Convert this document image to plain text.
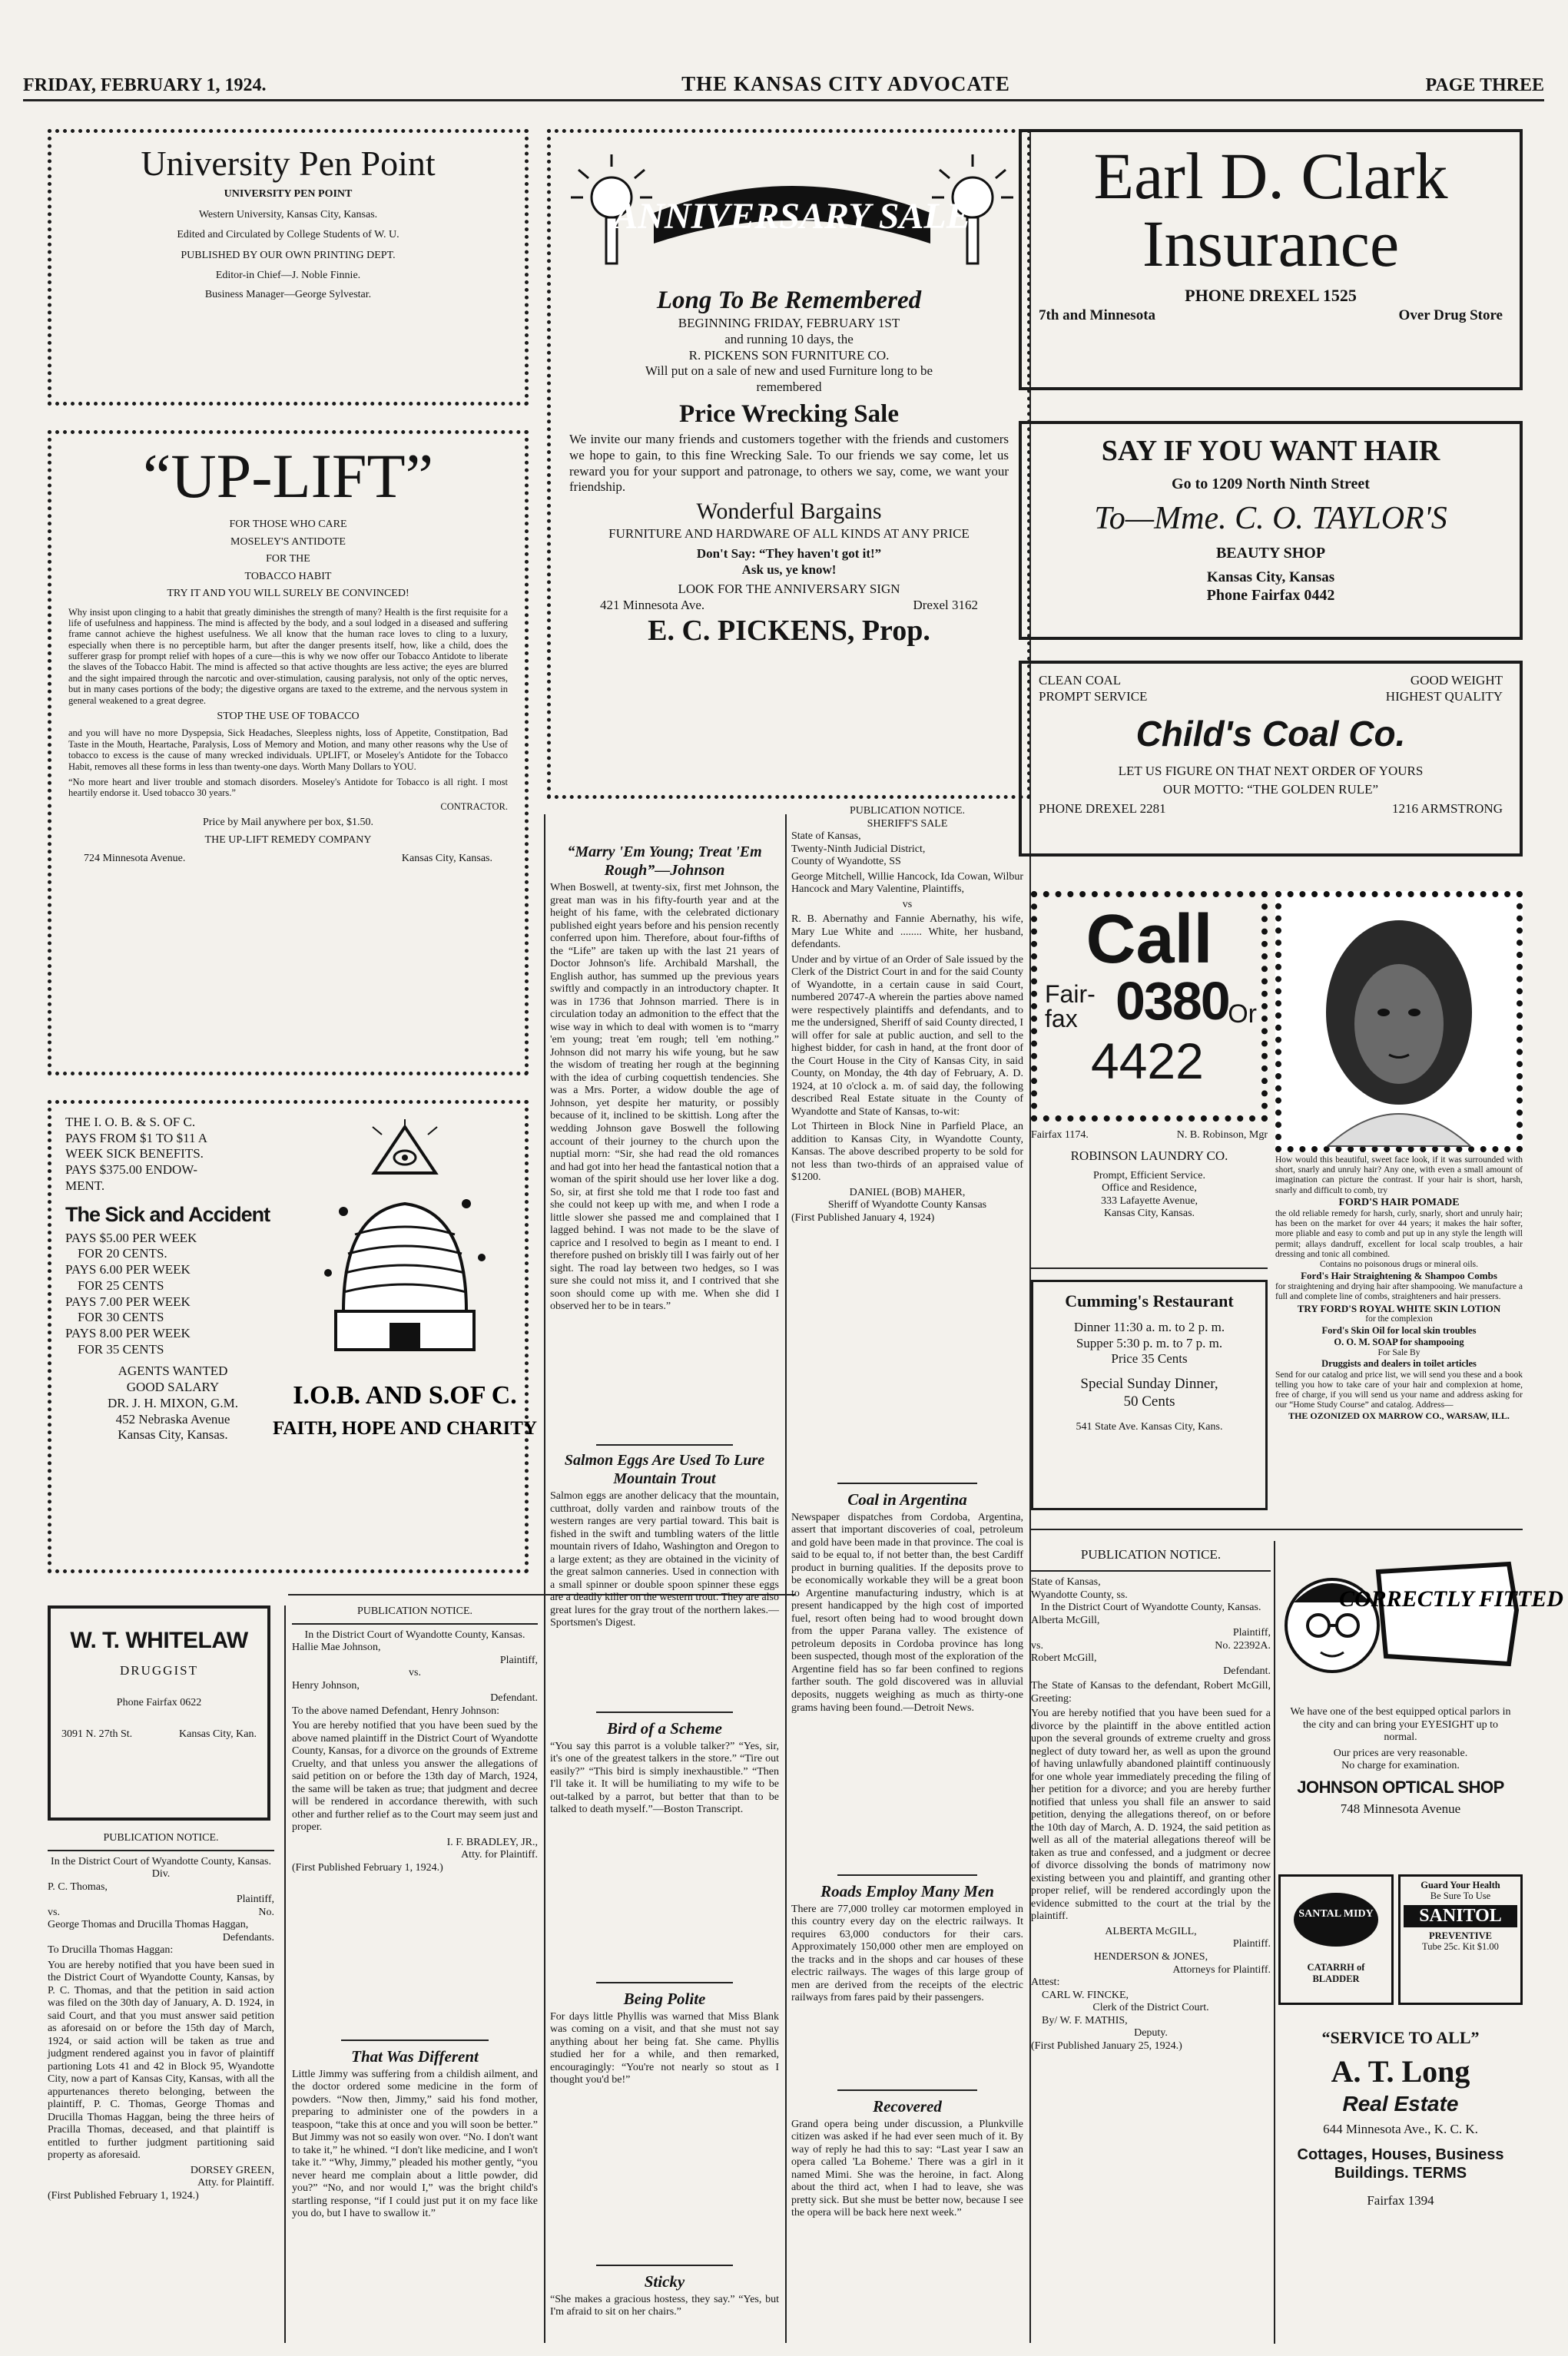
FRIDAY, FEBRUARY 1, 1924.	THE KANSAS CITY ADVOCATE	PAGE THREE
University Pen Point
UNIVERSITY PEN POINT
Western University, Kansas City, Kansas.
Edited and Circulated by College Students of W. U.
PUBLISHED BY OUR OWN PRINTING DEPT.
Editor-in Chief—J. Noble Finnie.
Business Manager—George Sylvestar.
“UP-LIFT”
FOR THOSE WHO CARE
MOSELEY'S ANTIDOTE
FOR THE
TOBACCO HABIT
TRY IT AND YOU WILL SURELY BE CONVINCED!

Why insist upon clinging to a habit that greatly diminishes the strength of many? Health is the first requisite for a life of usefulness and happiness. The mind is affected by the body, and a soul lodged in a diseased and suffering frame cannot achieve the highest usefulness. We all know that the human race loves to cling to a luxury, especially when there is no perceptible harm, but after the danger presents itself, how, like a child, does the sufferer grasp for prompt relief with hopes of a cure—this is why we now offer our Tobacco Antidote to liberate the slaves of the Tobacco Habit. The mind is affected so that active thoughts are less active; the eyes are blurred and the sight impaired through the narcotic and over-stimulation, causing paralysis, not only of the optic nerves, but in many cases portions of the body; the digestive organs are taxed to the extreme, and the nervous system in general weakened to a great degree.

STOP THE USE OF TOBACCO

and you will have no more Dyspepsia, Sick Headaches, Sleepless nights, loss of Appetite, Constitpation, Bad Taste in the Mouth, Heartache, Paralysis, Loss of Memory and Motion, and many other reasons why the Use of tobacco to excess is the cause of many wrecked individuals. UPLIFT, or Moseley's Antidote for the Tobacco Habit, removes all these forms in less than twenty-one days. Worth Many Dollars to YOU.

“No more heart and liver trouble and stomach disorders. Moseley's Antidote for Tobacco is all right. I most heartily endorse it. Used tobacco 30 years.”

CONTRACTOR.
Price by Mail anywhere per box, $1.50.
THE UP-LIFT REMEDY COMPANY
724 Minnesota Avenue.	Kansas City, Kansas.
THE I. O. B. & S. OF C.
PAYS FROM $1 TO $11 A
WEEK SICK BENEFITS.
PAYS $375.00 ENDOW-
MENT.
The Sick and Accident
PAYS $5.00 PER WEEK
FOR 20 CENTS.
PAYS 6.00 PER WEEK
FOR 25 CENTS
PAYS 7.00 PER WEEK
FOR 30 CENTS
PAYS 8.00 PER WEEK
FOR 35 CENTS
AGENTS WANTED
GOOD SALARY
DR. J. H. MIXON, G.M.
452 Nebraska Avenue
Kansas City, Kansas.
I.O.B. AND S.OF C.
FAITH, HOPE AND CHARITY
W. T. WHITELAW
DRUGGIST
Phone Fairfax 0622
3091 N. 27th St.	Kansas City, Kan.
PUBLICATION NOTICE.
In the District Court of Wyandotte County, Kansas.
Div.
P. C. Thomas,
Plaintiff,
vs.	No.
George Thomas and Drucilla Thomas Haggan,
Defendants.
To Drucilla Thomas Haggan:

You are hereby notified that you have been sued in the District Court of Wyandotte County, Kansas, by P. C. Thomas, and that the petition in said action was filed on the 30th day of January, A. D. 1924, in said Court, and that you must answer said petition as aforesaid on or before the 15th day of March, 1924, or said action will be taken as true and judgment rendered against you in favor of plaintiff partioning Lots 41 and 42 in Block 95, Wyandotte City, now a part of Kansas City, Kansas, with all the appurtenances thereto belonging, between the plaintiff, P. C. Thomas, George Thomas and Drucilla Thomas Haggan, being the three heirs of Pracilla Thomas, deceased, and that plaintiff is entitled to further judgment partitioning said property as aforesaid.

DORSEY GREEN,
Atty. for Plaintiff.
(First Published February 1, 1924.)
ANNIVERSARY SALE
Long To Be Remembered
BEGINNING FRIDAY, FEBRUARY 1ST
and running 10 days, the
R. PICKENS SON FURNITURE CO.
Will put on a sale of new and used Furniture long to be remembered
Price Wrecking Sale

We invite our many friends and customers together with the friends and customers we hope to gain, to this fine Wrecking Sale. To our friends we say come, let us reward you for your support and patronage, to others we say, come, we want your friendship.

Wonderful Bargains
FURNITURE AND HARDWARE OF ALL KINDS AT ANY PRICE
Don't Say: “They haven't got it!”
Ask us, ye know!
LOOK FOR THE ANNIVERSARY SIGN
421 Minnesota Ave.	Drexel 3162
E. C. PICKENS, Prop.
PUBLICATION NOTICE.
In the District Court of Wyandotte County, Kansas.
Hallie Mae Johnson,
Plaintiff,
vs.
Henry Johnson,
Defendant.
To the above named Defendant, Henry Johnson:

You are hereby notified that you have been sued by the above named plaintiff in the District Court of Wyandotte County, Kansas, for a divorce on the grounds of Extreme Cruelty, and that unless you answer the allegations of said petition on or before the 13th day of March, 1924, the same will be taken as true; that judgment and decree will be rendered in accordance therewith, with such other and further relief as to the Court may seem just and proper.

I. F. BRADLEY, JR.,
Atty. for Plaintiff.
(First Published February 1, 1924.)
That Was Different

Little Jimmy was suffering from a childish ailment, and the doctor ordered some medicine in the form of powders. “Now then, Jimmy,” said his fond mother, preparing to administer one of the powders in a teaspoon, “take this at once and you will soon be better.” But Jimmy was not so easily won over. “No. I don't want to take it,” he whined. “I don't like medicine, and I won't take it.” “Why, Jimmy,” pleaded his mother gently, “you never heard me complain about a little powder, did you?” “No, and nor would I,” was the bright child's startling response, “if I could just put it on my face like you do, but I have to swallow it.”

“Marry 'Em Young; Treat 'Em Rough”—Johnson

When Boswell, at twenty-six, first met Johnson, the great man was in his fifty-fourth year and at the height of his fame, with the celebrated dictionary published eight years before and his pension recently conferred upon him. Therefore, about four-fifths of the “Life” are taken up with the last 21 years of Doctor Johnson's life. Archibald Marshall, the English author, has summed up the previous years swiftly and compactly in an introductory chapter. It was in 1736 that Johnson married. There is in circulation today an admonition to the effect that the wise way in which to deal with women is to “marry 'em young; treat 'em rough; tell 'em nothing.” Johnson did not marry his wife young, but he saw the wisdom of treating her rough at the beginning with the idea of curbing coquettish tendencies. She was a Mrs. Porter, a widow double the age of Johnson, yet despite her maturity, or possibly because of it, inclined to be skittish. Long after the wedding Johnson gave Boswell the following account of their journey to the church upon the nuptial morn: “Sir, she had read the old romances and had got into her head the fantastical notion that a woman of the spirit should use her lover like a dog. So, sir, at first she told me that I rode too fast and she could not keep up with me, and when I rode a little slower she passed me and complained that I lagged behind. I was not made to be the slave of caprice and I resolved to begin as I meant to end. I therefore pushed on briskly till I was fairly out of her sight. The road lay between two hedges, so I was sure she could not miss it, and I contrived that she soon should come up with me. When she did I observed her to be in tears.”

Salmon Eggs Are Used To Lure Mountain Trout

Salmon eggs are another delicacy that the mountain, cutthroat, dolly varden and rainbow trouts of the western ranges are very partial toward. This bait is fished in the swift and tumbling waters of the little mountain rivers of Idaho, Washington and Oregon to a large extent; as they are obtained in the vicinity of the great salmon canneries. Used in connection with a small spinner or double spoon spinner these eggs are a deadly killer on the western trout. They are also great lures for the gray trout of the northern lakes.—Sportsmen's Digest.

Bird of a Scheme

“You say this parrot is a voluble talker?” “Yes, sir, it's one of the greatest talkers in the store.” “Tire out easily?” “This bird is simply inexhaustible.” “Then I'll take it. It will be humiliating to my wife to be out-talked by a parrot, but better that than to be talked to death myself.”—Boston Transcript.

Being Polite

For days little Phyllis was warned that Miss Blank was coming on a visit, and that she must not say anything about her being fat. She came. Phyllis studied her for a while, and then remarked, encouragingly: “You're not nearly so stout as I thought you'd be!”

Sticky

“She makes a gracious hostess, they say.” “Yes, but I'm afraid to sit on her chairs.”

PUBLICATION NOTICE.
SHERIFF'S SALE
State of Kansas,
Twenty-Ninth Judicial District,
County of Wyandotte, SS

George Mitchell, Willie Hancock, Ida Cowan, Wilbur Hancock and Mary Valentine, Plaintiffs,

vs

R. B. Abernathy and Fannie Abernathy, his wife, Mary Lue White and ........ White, her husband, defendants.

Under and by virtue of an Order of Sale issued by the Clerk of the District Court in and for the said County of Wyandotte, in a certain cause in said Court, numbered 20747-A wherein the parties above named were respectively plaintiffs and defendants, and to me the undersigned, Sheriff of said County directed, I will offer for sale at public auction, and sell to the highest bidder, for cash in hand, at the front door of the Court House in the City of Kansas City, in said County, on Monday, the 4th day of February, A. D. 1924, at 10 o'clock a. m. of said day, the following described Real Estate situate in the County of Wyandotte and State of Kansas, to-wit:

Lot Thirteen in Block Nine in Parfield Place, an addition to Kansas City, in Wyandotte County, Kansas. The above described property to be sold for not less than two-thirds of an appraised value of $1200.

DANIEL (BOB) MAHER,
Sheriff of Wyandotte County Kansas
(First Published January 4, 1924)
Coal in Argentina

Newspaper dispatches from Cordoba, Argentina, assert that important discoveries of coal, petroleum and gold have been made in that province. The coal is said to be equal to, if not better than, the best Cardiff product in burning qualities. If the deposits prove to be economically workable they will be a great boon to Argentine manufacturing industry, which is at present handicapped by the high cost of imported fuel, resort often being had to wood brought down from the upper Parana valley. The existence of petroleum deposits in Cordoba province has long been suspected, though most of the exploration of the Argentine field has so far been confined to regions farther south. The gold discovered was in alluvial deposits, nuggets weighing as much as thirty-one grams having been found.—Detroit News.

Roads Employ Many Men

There are 77,000 trolley car motormen employed in this country every day on the electric railways. It requires 63,000 conductors for their cars. Approximately 150,000 other men are employed on the tracks and in the shops and car houses of these electric railways. The wages of this large group of men are derived from the receipts of the electric railways from fares paid by their passengers.

Recovered

Grand opera being under discussion, a Plunkville citizen was asked if he had ever seen much of it. By way of reply he had this to say: “Last year I saw an opera called 'La Boheme.' There was a girl in it named Mimi. She was the heroine, in fact. Along about the third act, when I had to leave, she was pretty sick. But she must be better now, because I see the opera will be back here next week.”

Earl D. Clark
Insurance
PHONE DREXEL 1525
7th and Minnesota	Over Drug Store
SAY IF YOU WANT HAIR
Go to 1209 North Ninth Street
To—Mme. C. O. TAYLOR'S
BEAUTY SHOP
Kansas City, Kansas
Phone Fairfax 0442
CLEAN COAL	GOOD WEIGHT
PROMPT SERVICE	HIGHEST QUALITY
Child's Coal Co.
LET US FIGURE ON THAT NEXT ORDER OF YOURS
OUR MOTTO: “THE GOLDEN RULE”
PHONE DREXEL 2281	1216 ARMSTRONG
Call
Fair-
fax 0380
Or
4422
Fairfax 1174.	N. B. Robinson, Mgr
ROBINSON LAUNDRY CO.
Prompt, Efficient Service.
Office and Residence,
333 Lafayette Avenue,
Kansas City, Kansas.
Cumming's Restaurant
Dinner 11:30 a. m. to 2 p. m.
Supper 5:30 p. m. to 7 p. m.
Price 35 Cents
Special Sunday Dinner,
50 Cents
541 State Ave. Kansas City, Kans.
How would this beautiful, sweet face look, if it was surrounded with short, snarly and unruly hair? Any one, with even a small amount of imagination can picture the contrast. If your hair is short, harsh, snarly and difficult to comb, try
FORD'S HAIR POMADE
the old reliable remedy for harsh, curly, snarly, short and unruly hair; has been on the market for over 44 years; it makes the hair softer, more pliable and easy to comb and put up in any style the length will permit; allays dandruff, excellent for local scalp troubles, a hair dressing and tonic all combined.
Contains no poisonous drugs or mineral oils.
Ford's Hair Straightening & Shampoo Combs
for straightening and drying hair after shampooing. We manufacture a full and complete line of combs, straighteners and hair pressers.
TRY FORD'S ROYAL WHITE SKIN LOTION
for the complexion
Ford's Skin Oil for local skin troubles
O. O. M. SOAP for shampooing
For Sale By
Druggists and dealers in toilet articles
Send for our catalog and price list, we will send you these and a book telling you how to take care of your hair and complexion at home, free of charge, if you will send us your name and address asking for our “Home Study Course” and catalog. Address—
THE OZONIZED OX MARROW CO., WARSAW, ILL.
PUBLICATION NOTICE.
State of Kansas,
Wyandotte County, ss.
In the District Court of Wyandotte County, Kansas.
Alberta McGill,
Plaintiff,
vs.	No. 22392A.
Robert McGill,
Defendant.

The State of Kansas to the defendant, Robert McGill, Greeting:

You are hereby notified that you have been sued for a divorce by the plaintiff in the above entitled action upon the several grounds of extreme cruelty and gross neglect of duty toward her, as well as upon the ground of having unlawfully abandoned plaintiff continuously for one whole year immediately preceding the filing of her petition for a divorce; and you are hereby further notified that unless you shall file an answer to said petition, denying the allegations thereof, on or before the 10th day of March, A. D. 1924, the said petition as well as all of the material allegations thereof will be taken as true and confessed, and a judgment or decree of divorce dissolving the bonds of matrimony now existing between you and plaintiff, and granting other proper relief, will be rendered accordingly upon the evidence submitted to the court at the trial by the plaintiff.

ALBERTA McGILL,
Plaintiff.
HENDERSON & JONES,
Attorneys for Plaintiff.
Attest:
CARL W. FINCKE,
Clerk of the District Court.
By/ W. F. MATHIS,
Deputy.
(First Published January 25, 1924.)
CORRECTLY FITTED
We have one of the best equipped optical parlors in the city and can bring your EYESIGHT up to normal.
Our prices are very reasonable.
No charge for examination.
JOHNSON OPTICAL SHOP
748 Minnesota Avenue
SANTAL MIDY
CATARRH of BLADDER
Guard Your Health
Be Sure To Use
SANITOL
PREVENTIVE
Tube 25c. Kit $1.00
“SERVICE TO ALL”
A. T. Long
Real Estate
644 Minnesota Ave., K. C. K.
Cottages, Houses, Business Buildings. TERMS
Fairfax 1394
